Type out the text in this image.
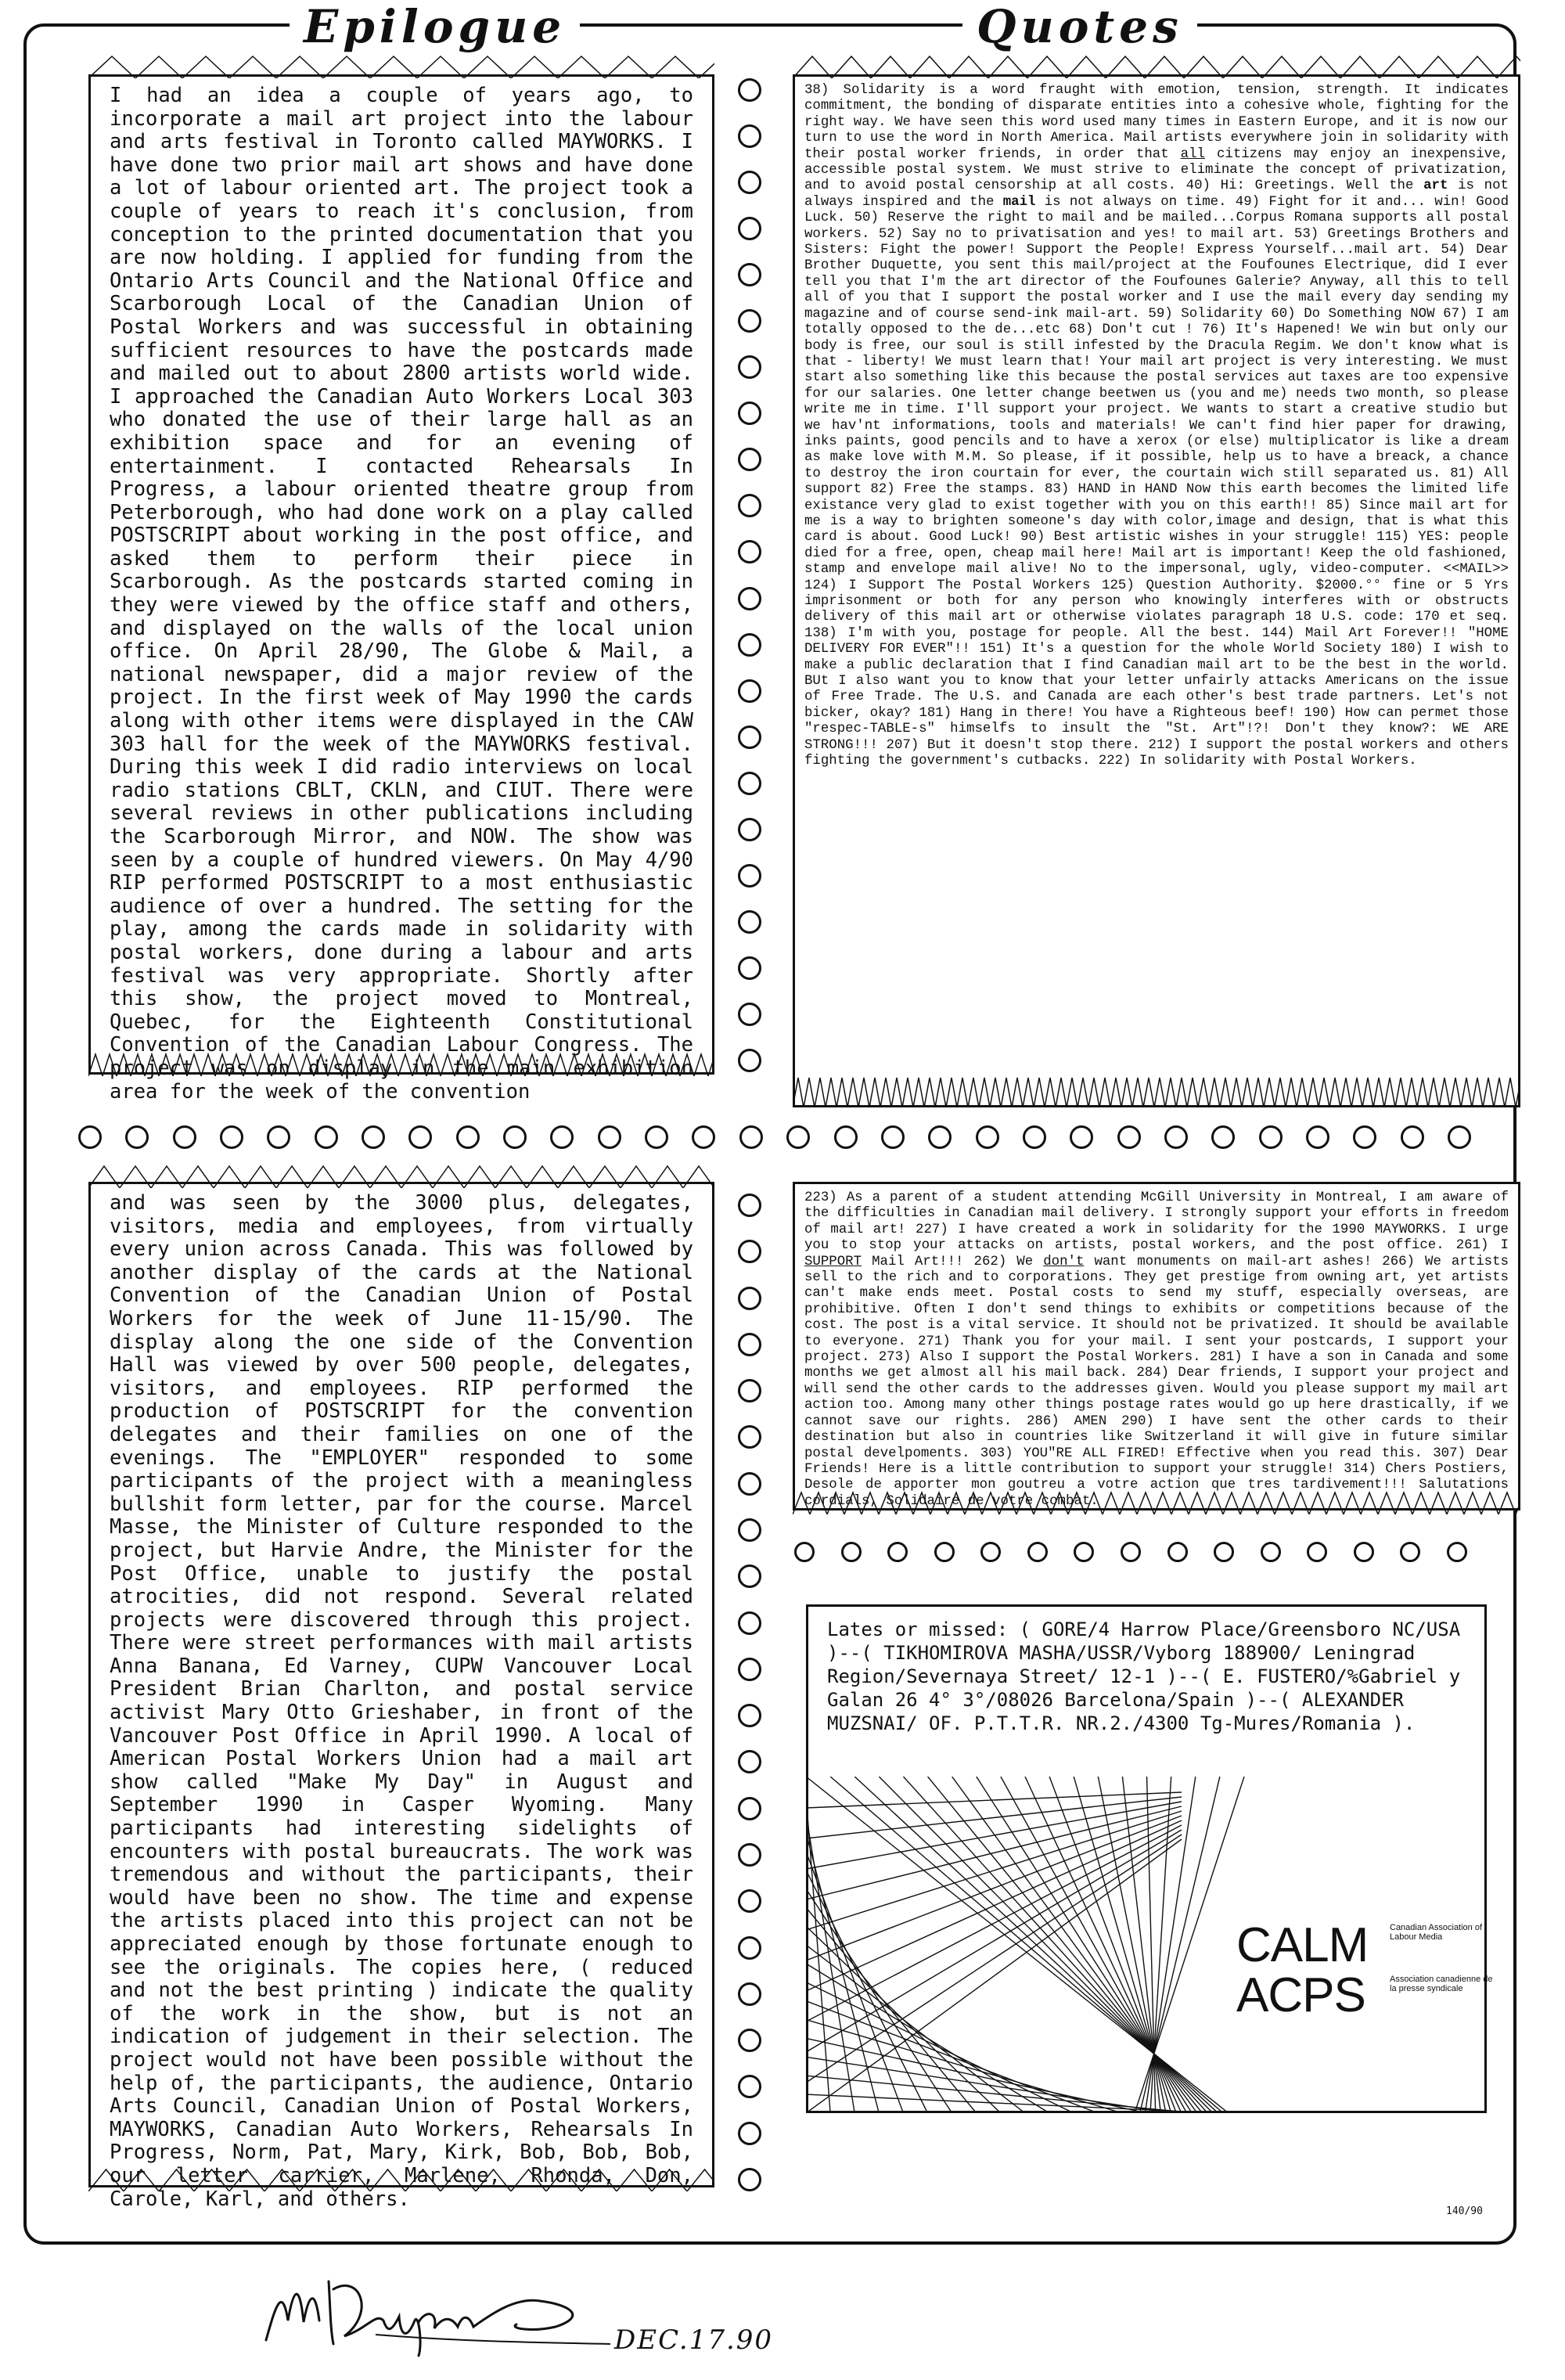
Epilogue	Quotes
I had an idea a couple of years ago, to incorporate a mail art project into the labour and arts festival in Toronto called MAYWORKS. I have done two prior mail art shows and have done a lot of labour oriented art. The project took a couple of years to reach it's conclusion, from conception to the printed documentation that you are now holding. I applied for funding from the Ontario Arts Council and the National Office and Scarborough Local of the Canadian Union of Postal Workers and was successful in obtaining sufficient resources to have the postcards made and mailed out to about 2800 artists world wide. I approached the Canadian Auto Workers Local 303 who donated the use of their large hall as an exhibition space and for an evening of entertainment. I contacted Rehearsals In Progress, a labour oriented theatre group from Peterborough, who had done work on a play called POSTSCRIPT about working in the post office, and asked them to perform their piece in Scarborough. As the postcards started coming in they were viewed by the office staff and others, and displayed on the walls of the local union office. On April 28/90, The Globe & Mail, a national newspaper, did a major review of the project. In the first week of May 1990 the cards along with other items were displayed in the CAW 303 hall for the week of the MAYWORKS festival. During this week I did radio interviews on local radio stations CBLT, CKLN, and CIUT. There were several reviews in other publications including the Scarborough Mirror, and NOW. The show was seen by a couple of hundred viewers. On May 4/90 RIP performed POSTSCRIPT to a most enthusiastic audience of over a hundred. The setting for the play, among the cards made in solidarity with postal workers, done during a labour and arts festival was very appropriate. Shortly after this show, the project moved to Montreal, Quebec, for the Eighteenth Constitutional Convention of the Canadian Labour Congress. The project was on display in the main exhibition area for the week of the convention
38) Solidarity is a word fraught with emotion, tension, strength. It indicates commitment, the bonding of disparate entities into a cohesive whole, fighting for the right way. We have seen this word used many times in Eastern Europe, and it is now our turn to use the word in North America. Mail artists everywhere join in solidarity with their postal worker friends, in order that all citizens may enjoy an inexpensive, accessible postal system. We must strive to eliminate the concept of privatization, and to avoid postal censorship at all costs. 40) Hi: Greetings. Well the art is not always inspired and the mail is not always on time. 49) Fight for it and... win! Good Luck. 50) Reserve the right to mail and be mailed...Corpus Romana supports all postal workers. 52) Say no to privatisation and yes! to mail art. 53) Greetings Brothers and Sisters: Fight the power! Support the People! Express Yourself...mail art. 54) Dear Brother Duquette, you sent this mail/project at the Foufounes Electrique, did I ever tell you that I'm the art director of the Foufounes Galerie? Anyway, all this to tell all of you that I support the postal worker and I use the mail every day sending my magazine and of course send-ink mail-art. 59) Solidarity 60) Do Something NOW 67) I am totally opposed to the de...etc 68) Don't cut ! 76) It's Hapened! We win but only our body is free, our soul is still infested by the Dracula Regim. We don't know what is that - liberty! We must learn that! Your mail art project is very interesting. We must start also something like this because the postal services aut taxes are too expensive for our salaries. One letter change beetwen us (you and me) needs two month, so please write me in time. I'll support your project. We wants to start a creative studio but we hav'nt informations, tools and materials! We can't find hier paper for drawing, inks paints, good pencils and to have a xerox (or else) multiplicator is like a dream as make love with M.M. So please, if it possible, help us to have a breack, a chance to destroy the iron courtain for ever, the courtain wich still separated us. 81) All support 82) Free the stamps. 83) HAND in HAND Now this earth becomes the limited life existance very glad to exist together with you on this earth!! 85) Since mail art for me is a way to brighten someone's day with color,image and design, that is what this card is about. Good Luck! 90) Best artistic wishes in your struggle! 115) YES: people died for a free, open, cheap mail here! Mail art is important! Keep the old fashioned, stamp and envelope mail alive! No to the impersonal, ugly, video-computer. <<MAIL>> 124) I Support The Postal Workers 125) Question Authority. $2000.°° fine or 5 Yrs imprisonment or both for any person who knowingly interferes with or obstructs delivery of this mail art or otherwise violates paragraph 18 U.S. code: 170 et seq. 138) I'm with you, postage for people. All the best. 144) Mail Art Forever!! "HOME DELIVERY FOR EVER"!! 151) It's a question for the whole World Society 180) I wish to make a public declaration that I find Canadian mail art to be the best in the world. BUt I also want you to know that your letter unfairly attacks Americans on the issue of Free Trade. The U.S. and Canada are each other's best trade partners. Let's not bicker, okay? 181) Hang in there! You have a Righteous beef! 190) How can permet those "respec-TABLE-s" himselfs to insult the "St. Art"!?! Don't they know?: WE ARE STRONG!!! 207) But it doesn't stop there. 212) I support the postal workers and others fighting the government's cutbacks. 222) In solidarity with Postal Workers.
and was seen by the 3000 plus, delegates, visitors, media and employees, from virtually every union across Canada. This was followed by another display of the cards at the National Convention of the Canadian Union of Postal Workers for the week of June 11-15/90. The display along the one side of the Convention Hall was viewed by over 500 people, delegates, visitors, and employees. RIP performed the production of POSTSCRIPT for the convention delegates and their families on one of the evenings. The "EMPLOYER" responded to some participants of the project with a meaningless bullshit form letter, par for the course. Marcel Masse, the Minister of Culture responded to the project, but Harvie Andre, the Minister for the Post Office, unable to justify the postal atrocities, did not respond. Several related projects were discovered through this project. There were street performances with mail artists Anna Banana, Ed Varney, CUPW Vancouver Local President Brian Charlton, and postal service activist Mary Otto Grieshaber, in front of the Vancouver Post Office in April 1990. A local of American Postal Workers Union had a mail art show called "Make My Day" in August and September 1990 in Casper Wyoming. Many participants had interesting sidelights of encounters with postal bureaucrats. The work was tremendous and without the participants, their would have been no show. The time and expense the artists placed into this project can not be appreciated enough by those fortunate enough to see the originals. The copies here, ( reduced and not the best printing ) indicate the quality of the work in the show, but is not an indication of judgement in their selection. The project would not have been possible without the help of, the participants, the audience, Ontario Arts Council, Canadian Union of Postal Workers, MAYWORKS, Canadian Auto Workers, Rehearsals In Progress, Norm, Pat, Mary, Kirk, Bob, Bob, Bob, our letter carrier, Marlene, Rhonda, Don, Carole, Karl, and others.
223) As a parent of a student attending McGill University in Montreal, I am aware of the difficulties in Canadian mail delivery. I strongly support your efforts in freedom of mail art! 227) I have created a work in solidarity for the 1990 MAYWORKS. I urge you to stop your attacks on artists, postal workers, and the post office. 261) I SUPPORT Mail Art!!! 262) We don't want monuments on mail-art ashes! 266) We artists sell to the rich and to corporations. They get prestige from owning art, yet artists can't make ends meet. Postal costs to send my stuff, especially overseas, are prohibitive. Often I don't send things to exhibits or competitions because of the cost. The post is a vital service. It should not be privatized. It should be available to everyone. 271) Thank you for your mail. I sent your postcards, I support your project. 273) Also I support the Postal Workers. 281) I have a son in Canada and some months we get almost all his mail back. 284) Dear friends, I support your project and will send the other cards to the addresses given. Would you please support my mail art action too. Among many other things postage rates would go up here drastically, if we cannot save our rights. 286) AMEN 290) I have sent the other cards to their destination but also in countries like Switzerland it will give in future similar postal develpoments. 303) YOU"RE ALL FIRED! Effective when you read this. 307) Dear Friends! Here is a little contribution to support your struggle! 314) Chers Postiers, Desole de apporter mon goutreu a votre action que tres tardivement!!! Salutations cordials, Solidaire de votre combat.
Lates or missed: ( GORE/4 Harrow Place/Greensboro NC/USA )--( TIKHOMIROVA MASHA/USSR/Vyborg 188900/ Leningrad Region/Severnaya Street/ 12-1 )--( E. FUSTERO/%Gabriel y Galan 26 4° 3°/08026 Barcelona/Spain )--( ALEXANDER MUZSNAI/ OF. P.T.T.R. NR.2./4300 Tg-Mures/Romania ).
CALM
ACPS
Canadian Association of Labour Media
Association canadienne de la presse syndicale
140/90
DEC.17.90
